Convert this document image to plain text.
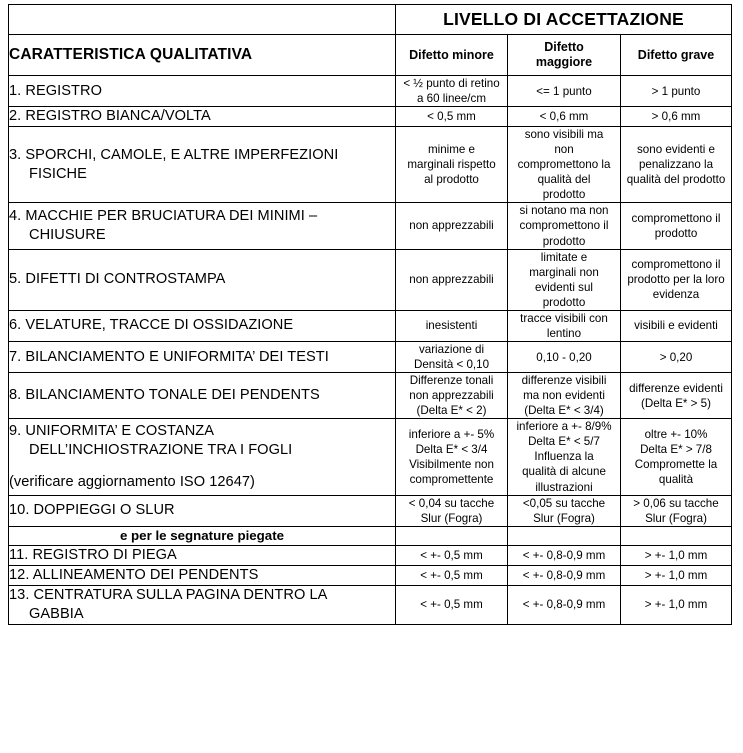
	LIVELLO DI ACCETTAZIONE		
CARATTERISTICA QUALITATIVA	Difetto minore	Difetto
maggiore	Difetto grave

1. REGISTRO	< ½ punto di retino
a 60 linee/cm	<= 1 punto	> 1 punto

2. REGISTRO BIANCA/VOLTA	< 0,5 mm	< 0,6 mm	> 0,6 mm

3. SPORCHI, CAMOLE, E ALTRE IMPERFEZIONI
FISICHE	minime e
marginali rispetto
al prodotto	sono visibili ma
non
compromettono la
qualità del
prodotto	sono evidenti e
penalizzano la
qualità del prodotto

4. MACCHIE PER BRUCIATURA DEI MINIMI –
CHIUSURE	non apprezzabili	si notano ma non
compromettono il
prodotto	compromettono il
prodotto

5. DIFETTI DI CONTROSTAMPA	non apprezzabili	limitate e
marginali non
evidenti sul
prodotto	compromettono il
prodotto per la loro
evidenza

6. VELATURE, TRACCE DI OSSIDAZIONE	inesistenti	tracce visibili con
lentino	visibili e evidenti

7. BILANCIAMENTO E UNIFORMITA’ DEI TESTI	variazione di
Densità < 0,10	0,10 - 0,20	> 0,20

8. BILANCIAMENTO TONALE DEI PENDENTS	Differenze tonali
non apprezzabili
(Delta E* < 2)	differenze visibili
ma non evidenti
(Delta E* < 3/4)	differenze evidenti
(Delta E* > 5)

9. UNIFORMITA’ E COSTANZA
DELL’INCHIOSTRAZIONE TRA I FOGLI
(verificare aggiornamento ISO 12647)	inferiore a +- 5%
Delta E* < 3/4
Visibilmente non
compromettente	inferiore a +- 8/9%
Delta E* < 5/7
Influenza la
qualità di alcune
illustrazioni	oltre +- 10%
Delta E* > 7/8
Compromette la
qualità

10. DOPPIEGGI O SLUR	< 0,04 su tacche
Slur (Fogra)	<0,05 su tacche
Slur (Fogra)	> 0,06 su tacche
Slur (Fogra)

e per le segnature piegate			

11. REGISTRO DI PIEGA	< +- 0,5 mm	< +- 0,8-0,9 mm	> +- 1,0 mm

12. ALLINEAMENTO DEI PENDENTS	< +- 0,5 mm	< +- 0,8-0,9 mm	> +- 1,0 mm

13. CENTRATURA SULLA PAGINA DENTRO LA
GABBIA	< +- 0,5 mm	< +- 0,8-0,9 mm	> +- 1,0 mm
